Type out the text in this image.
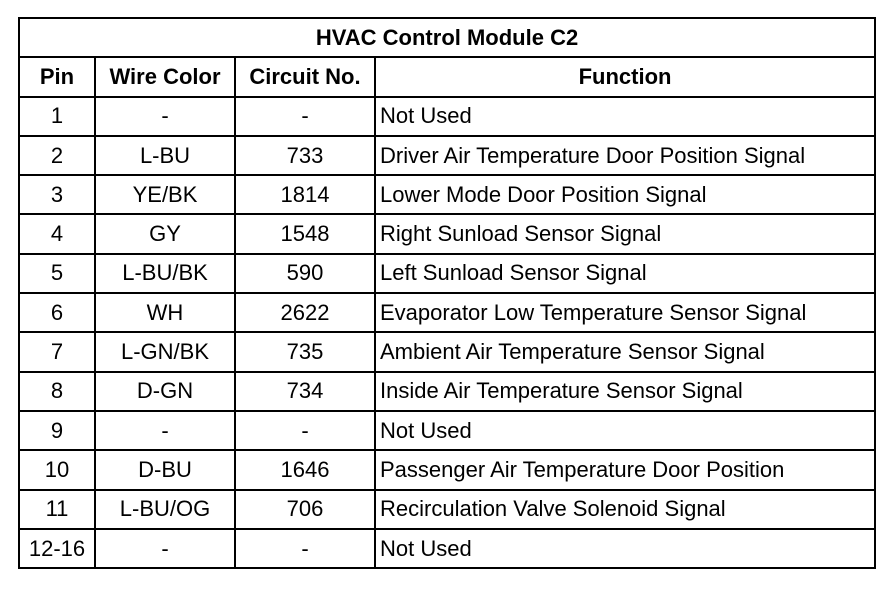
HVAC Control Module C2			
Pin	Wire Color	Circuit No.	Function
1	-	-	Not Used
2	L-BU	733	Driver Air Temperature Door Position Signal
3	YE/BK	1814	Lower Mode Door Position Signal
4	GY	1548	Right Sunload Sensor Signal
5	L-BU/BK	590	Left Sunload Sensor Signal
6	WH	2622	Evaporator Low Temperature Sensor Signal
7	L-GN/BK	735	Ambient Air Temperature Sensor Signal
8	D-GN	734	Inside Air Temperature Sensor Signal
9	-	-	Not Used
10	D-BU	1646	Passenger Air Temperature Door Position
11	L-BU/OG	706	Recirculation Valve Solenoid Signal
12-16	-	-	Not Used
